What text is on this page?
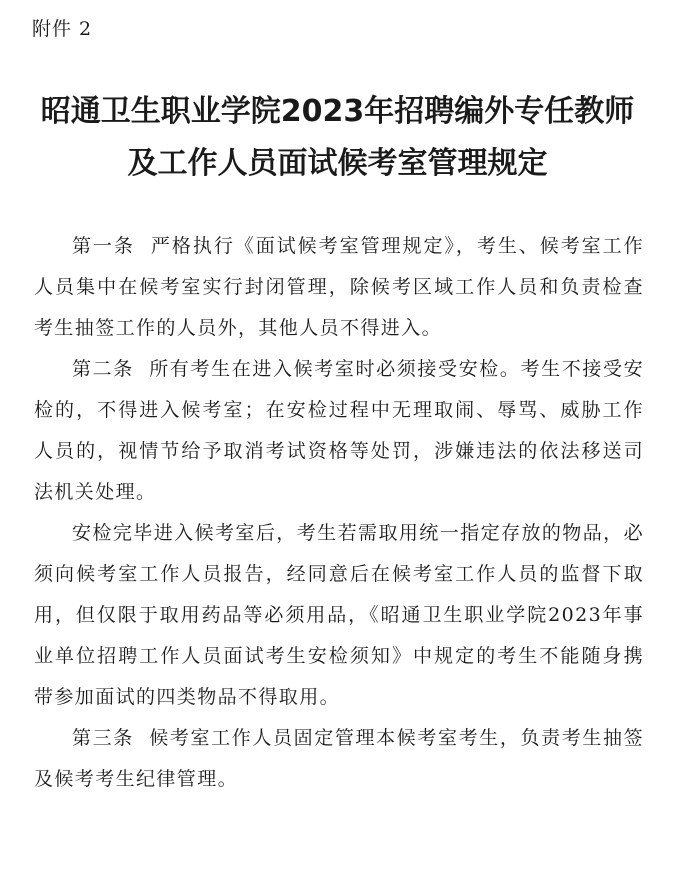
附件 2
昭通卫生职业学院2023年招聘编外专任教师
及工作人员面试候考室管理规定

第一条 严格执行《面试候考室管理规定》，考生、候考室工作人员集中在候考室实行封闭管理，除候考区域工作人员和负责检查考生抽签工作的人员外，其他人员不得进入。

第二条 所有考生在进入候考室时必须接受安检。考生不接受安检的，不得进入候考室；在安检过程中无理取闹、辱骂、威胁工作人员的，视情节给予取消考试资格等处罚，涉嫌违法的依法移送司法机关处理。

安检完毕进入候考室后，考生若需取用统一指定存放的物品，必须向候考室工作人员报告，经同意后在候考室工作人员的监督下取用，但仅限于取用药品等必须用品，《昭通卫生职业学院2023年事业单位招聘工作人员面试考生安检须知》中规定的考生不能随身携带参加面试的四类物品不得取用。

第三条 候考室工作人员固定管理本候考室考生，负责考生抽签及候考考生纪律管理。
